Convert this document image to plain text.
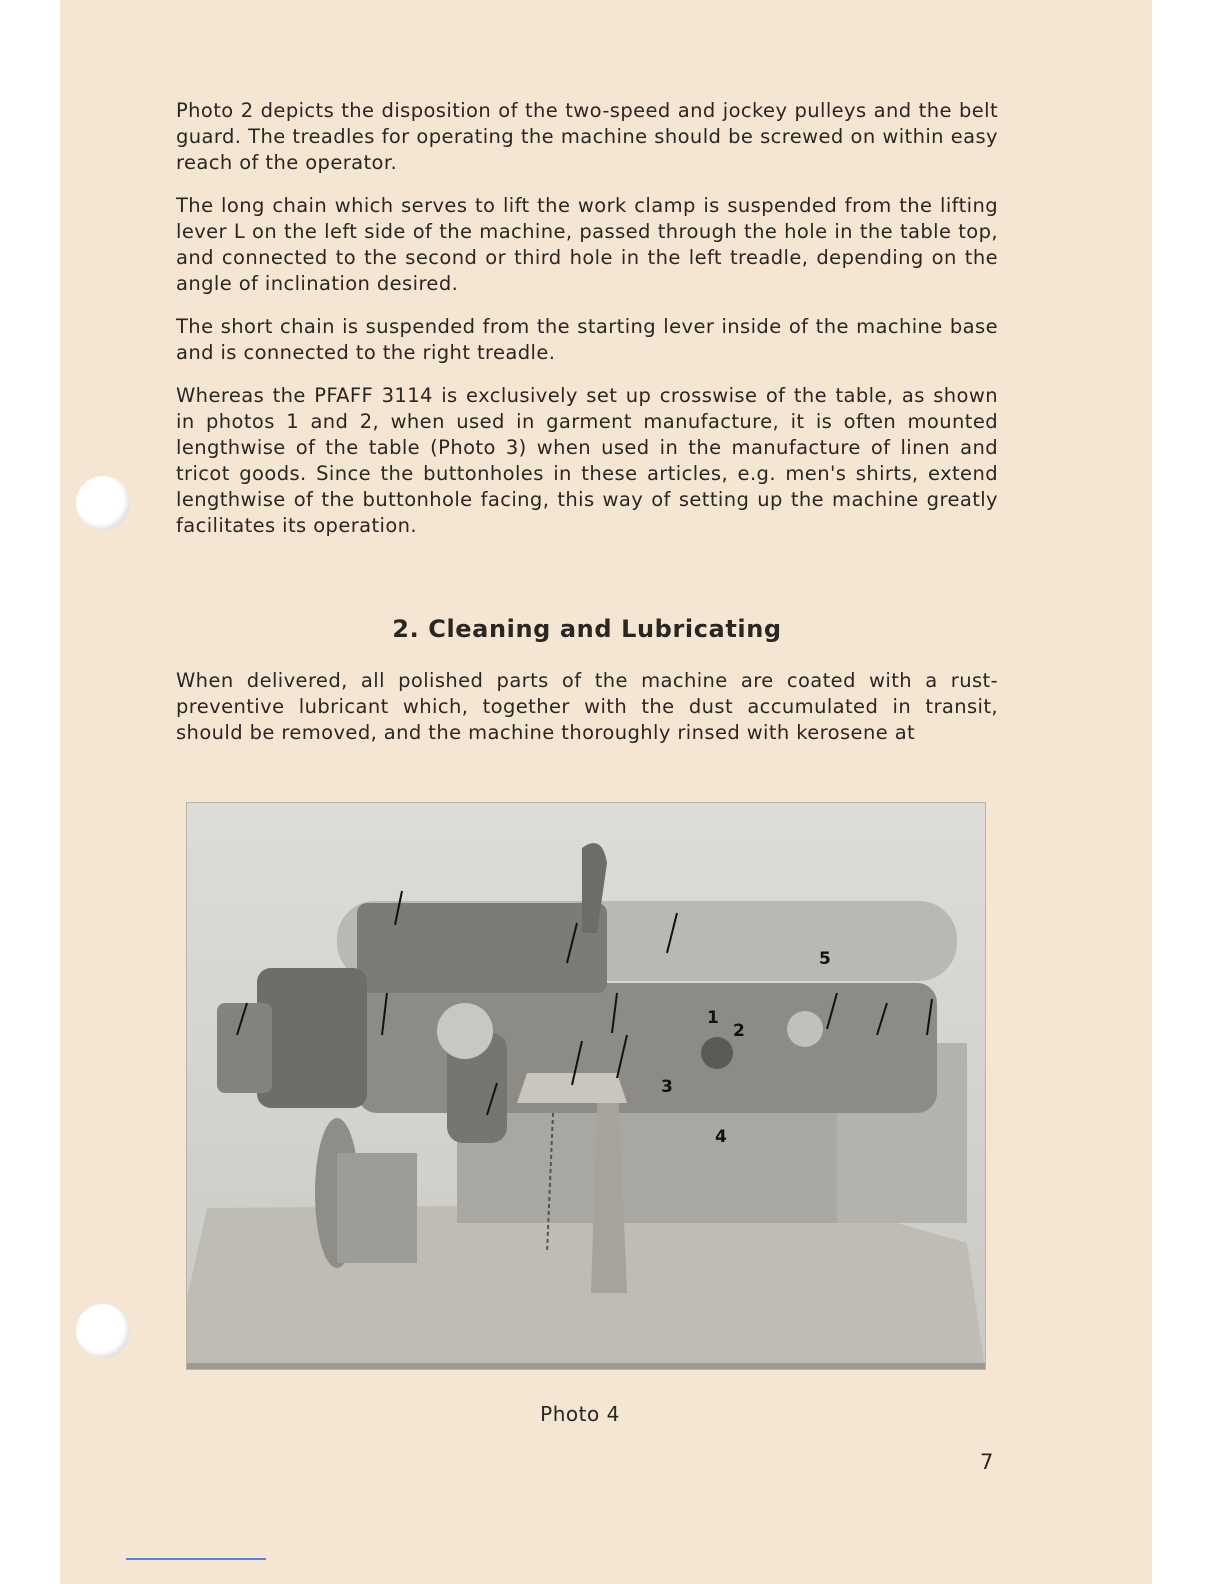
Photo 2 depicts the disposition of the two-speed and jockey pulleys and the belt guard. The treadles for operating the machine should be screwed on within easy reach of the operator.

The long chain which serves to lift the work clamp is suspended from the lifting lever L on the left side of the machine, passed through the hole in the table top, and connected to the second or third hole in the left treadle, depending on the angle of inclination desired.

The short chain is suspended from the starting lever inside of the machine base and is connected to the right treadle.

Whereas the PFAFF 3114 is exclusively set up crosswise of the table, as shown in photos 1 and 2, when used in garment manufacture, it is often mounted lengthwise of the table (Photo 3) when used in the manufacture of linen and tricot goods. Since the buttonholes in these articles, e.g. men's shirts, extend lengthwise of the buttonhole facing, this way of setting up the machine greatly facilitates its operation.

2. Cleaning and Lubricating

When delivered, all polished parts of the machine are coated with a rust-preventive lubricant which, together with the dust accumulated in transit, should be removed, and the machine thoroughly rinsed with kerosene at

1
2
3
4
5
Photo 4
7
